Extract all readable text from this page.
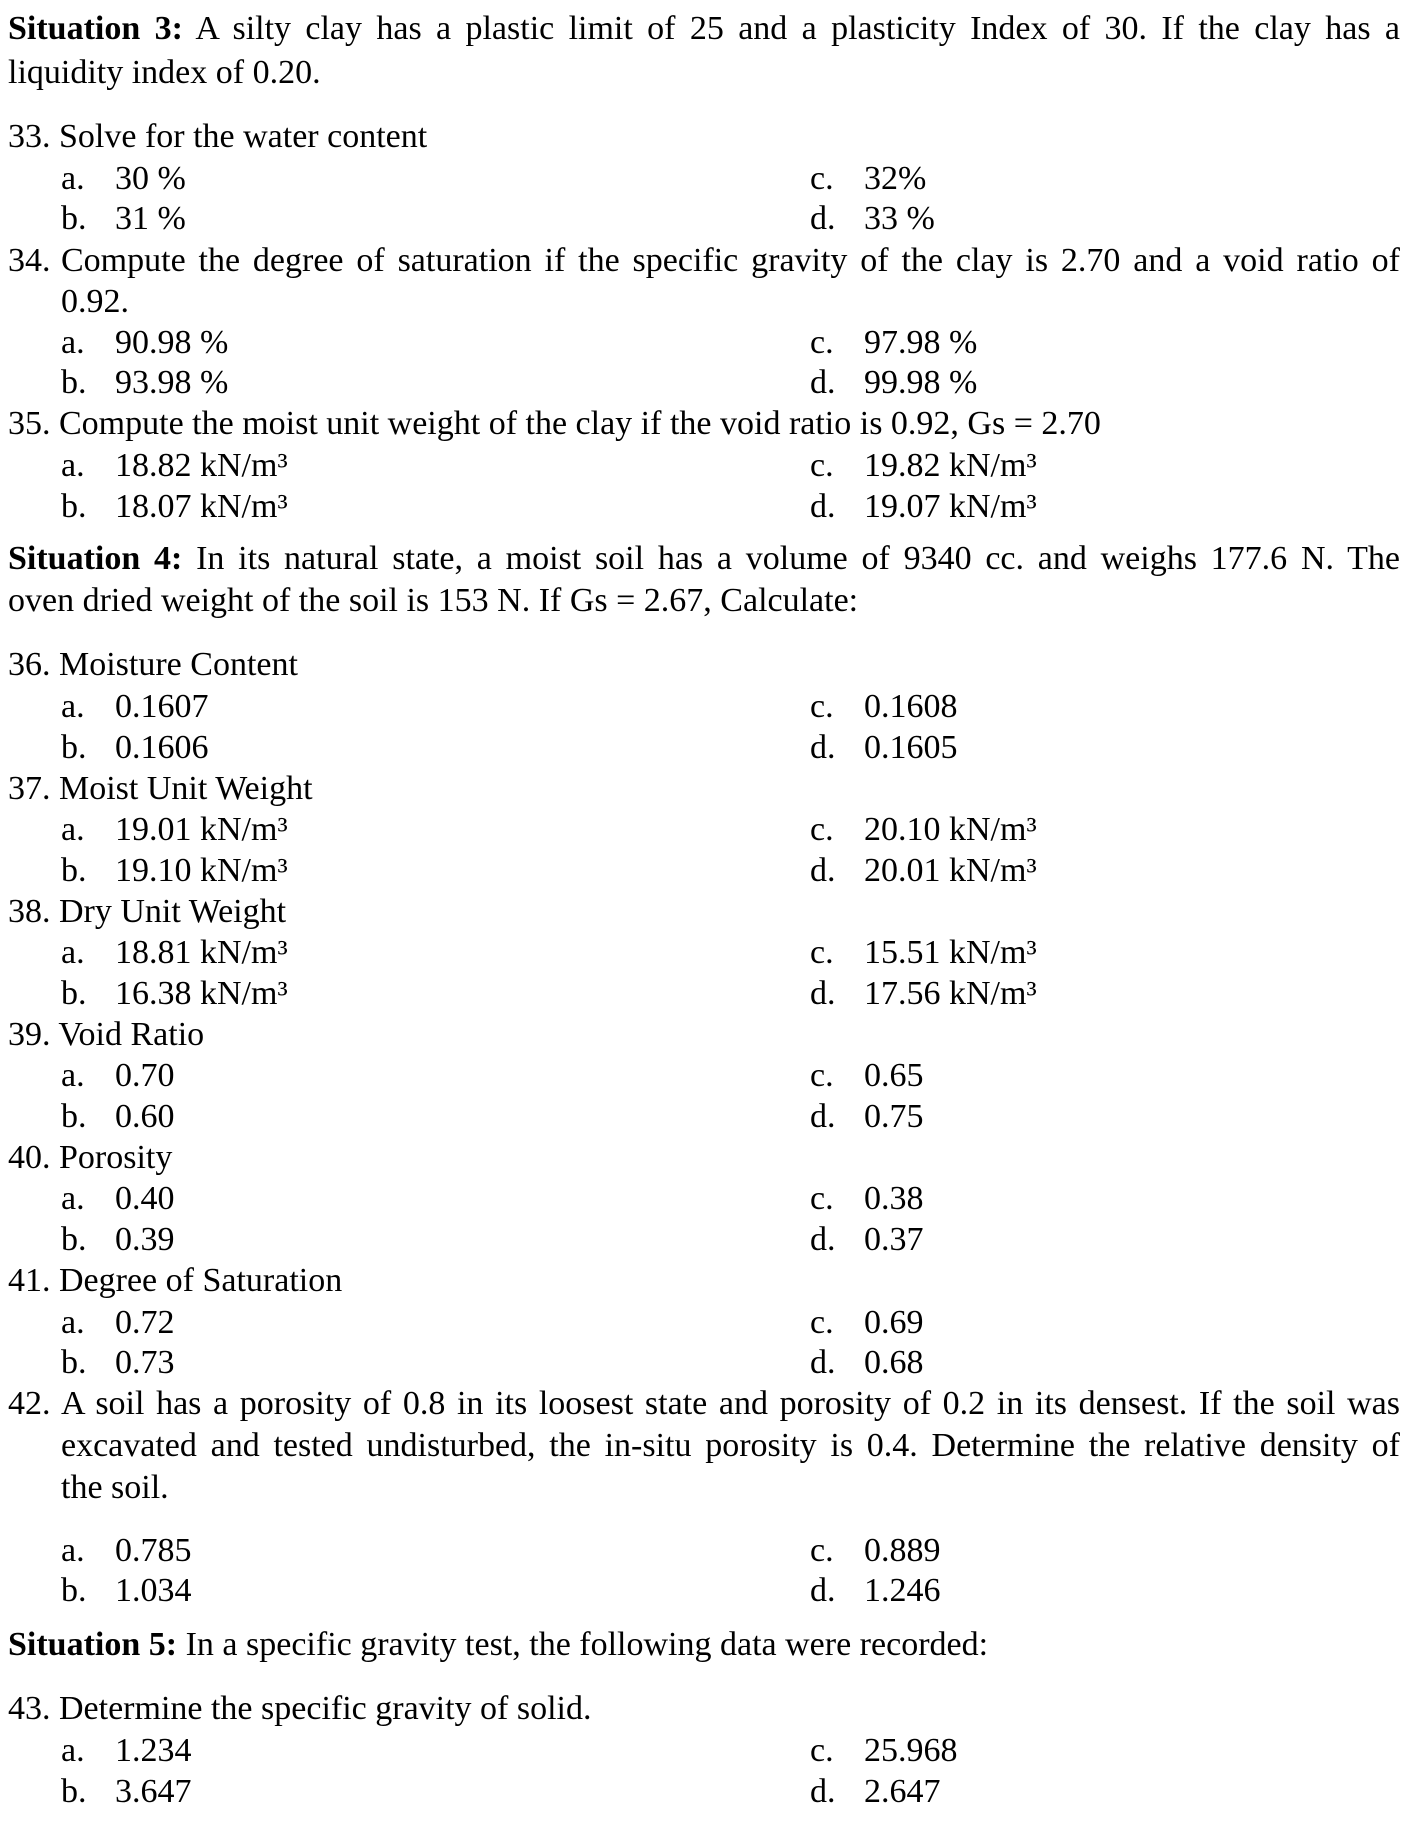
Situation 3: A silty clay has a plastic limit of 25 and a plasticity Index of 30. If the clay has a
liquidity index of 0.20.
33. Solve for the water content
a. 30 %	c. 32%
b. 31 %	d. 33 %
34. Compute the degree of saturation if the specific gravity of the clay is 2.70 and a void ratio of
0.92.
a. 90.98 %	c. 97.98 %
b. 93.98 %	d. 99.98 %
35. Compute the moist unit weight of the clay if the void ratio is 0.92, Gs = 2.70
a. 18.82 kN/m³	c. 19.82 kN/m³
b. 18.07 kN/m³	d. 19.07 kN/m³
Situation 4: In its natural state, a moist soil has a volume of 9340 cc. and weighs 177.6 N. The
oven dried weight of the soil is 153 N. If Gs = 2.67, Calculate:
36. Moisture Content
a. 0.1607	c. 0.1608
b. 0.1606	d. 0.1605
37. Moist Unit Weight
a. 19.01 kN/m³	c. 20.10 kN/m³
b. 19.10 kN/m³	d. 20.01 kN/m³
38. Dry Unit Weight
a. 18.81 kN/m³	c. 15.51 kN/m³
b. 16.38 kN/m³	d. 17.56 kN/m³
39. Void Ratio
a. 0.70	c. 0.65
b. 0.60	d. 0.75
40. Porosity
a. 0.40	c. 0.38
b. 0.39	d. 0.37
41. Degree of Saturation
a. 0.72	c. 0.69
b. 0.73	d. 0.68
42. A soil has a porosity of 0.8 in its loosest state and porosity of 0.2 in its densest. If the soil was
excavated and tested undisturbed, the in-situ porosity is 0.4. Determine the relative density of
the soil.
a. 0.785	c. 0.889
b. 1.034	d. 1.246
Situation 5: In a specific gravity test, the following data were recorded:
43. Determine the specific gravity of solid.
a. 1.234	c. 25.968
b. 3.647	d. 2.647
